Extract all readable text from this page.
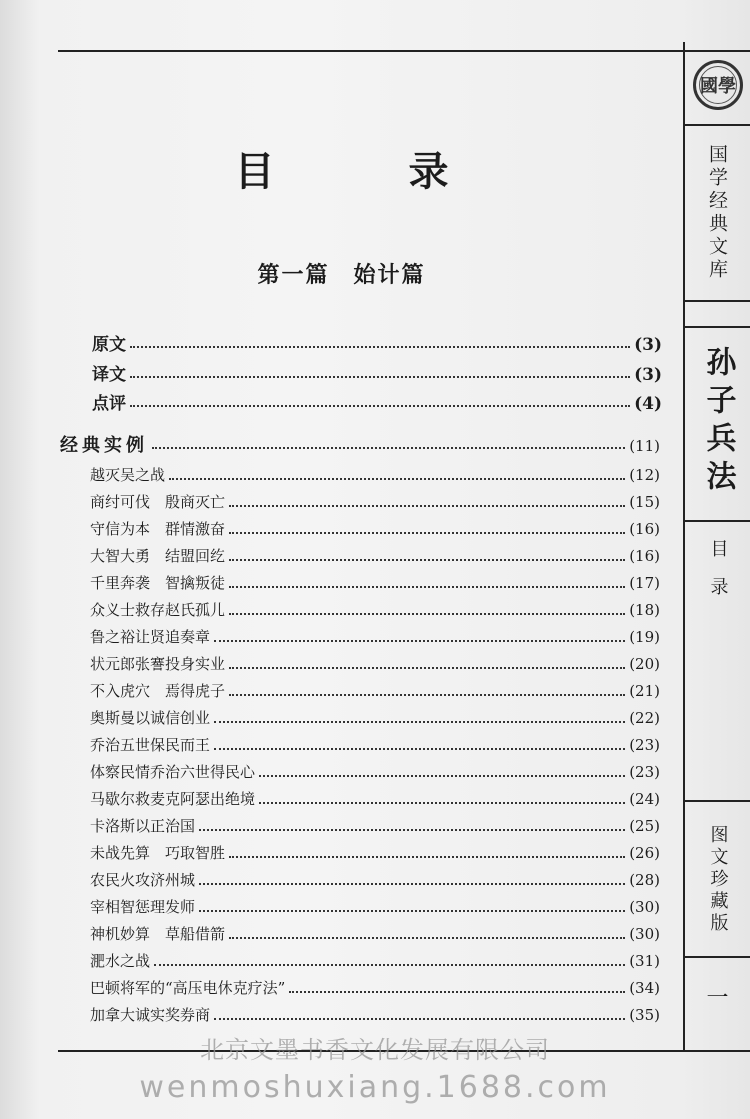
國學
国学经典文库
孙子兵法
目录
图文珍藏版
一
目 录
第一篇　始计篇
原文	(3)
译文	(3)
点评	(4)
经典实例	(11)
越灭吴之战	(12)
商纣可伐　殷商灭亡	(15)
守信为本　群情激奋	(16)
大智大勇　结盟回纥	(16)
千里奔袭　智擒叛徒	(17)
众义士救存赵氏孤儿	(18)
鲁之裕让贤追奏章	(19)
状元郎张謇投身实业	(20)
不入虎穴　焉得虎子	(21)
奥斯曼以诚信创业	(22)
乔治五世保民而王	(23)
体察民情乔治六世得民心	(23)
马歇尔救麦克阿瑟出绝境	(24)
卡洛斯以正治国	(25)
未战先算　巧取智胜	(26)
农民火攻济州城	(28)
宰相智惩理发师	(30)
神机妙算　草船借箭	(30)
淝水之战	(31)
巴顿将军的“高压电休克疗法”	(34)
加拿大诚实奖券商	(35)
北京文墨书香文化发展有限公司
wenmoshuxiang.1688.com
